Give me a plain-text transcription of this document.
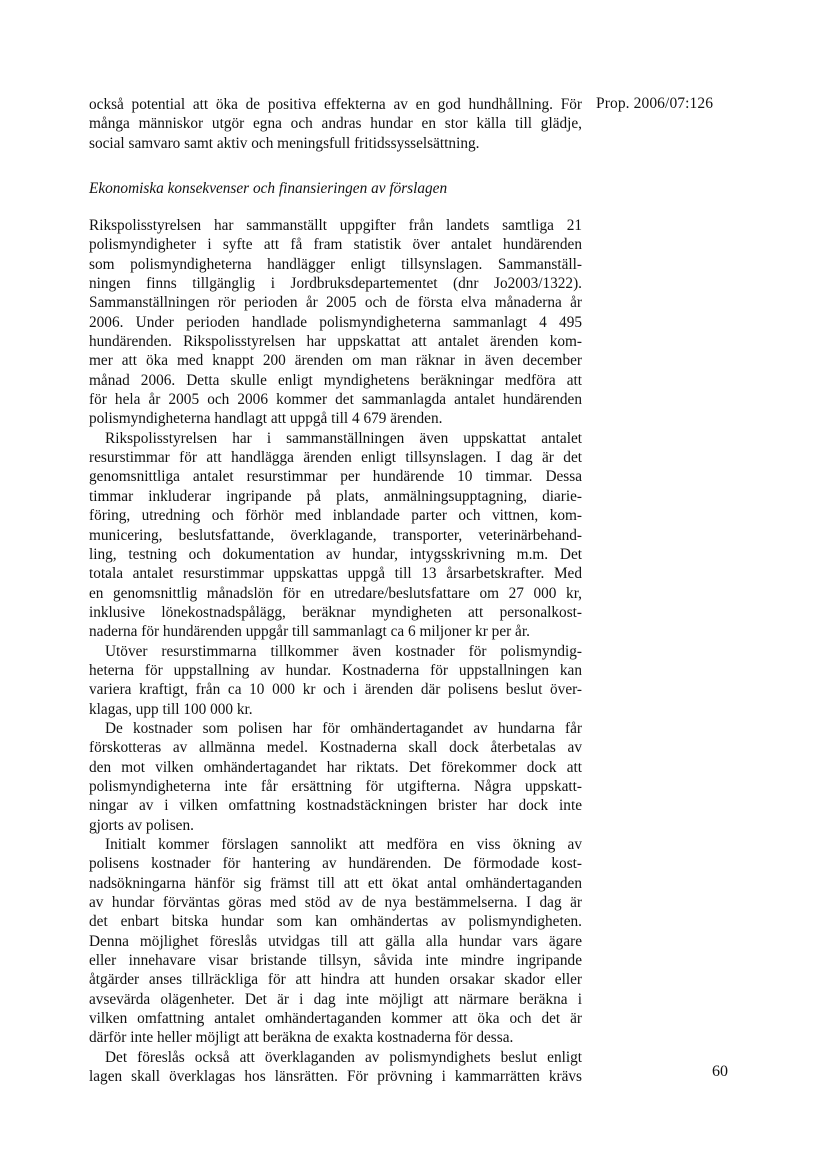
Prop. 2006/07:126
också potential att öka de positiva effekterna av en god hundhållning. För
många människor utgör egna och andras hundar en stor källa till glädje,
social samvaro samt aktiv och meningsfull fritidssysselsättning.
Ekonomiska konsekvenser och finansieringen av förslagen
Rikspolisstyrelsen har sammanställt uppgifter från landets samtliga 21
polismyndigheter i syfte att få fram statistik över antalet hundärenden
som polismyndigheterna handlägger enligt tillsynslagen. Sammanställ-
ningen finns tillgänglig i Jordbruksdepartementet (dnr Jo2003/1322).
Sammanställningen rör perioden år 2005 och de första elva månaderna år
2006. Under perioden handlade polismyndigheterna sammanlagt 4 495
hundärenden. Rikspolisstyrelsen har uppskattat att antalet ärenden kom-
mer att öka med knappt 200 ärenden om man räknar in även december
månad 2006. Detta skulle enligt myndighetens beräkningar medföra att
för hela år 2005 och 2006 kommer det sammanlagda antalet hundärenden
polismyndigheterna handlagt att uppgå till 4 679 ärenden.
Rikspolisstyrelsen har i sammanställningen även uppskattat antalet
resurstimmar för att handlägga ärenden enligt tillsynslagen. I dag är det
genomsnittliga antalet resurstimmar per hundärende 10 timmar. Dessa
timmar inkluderar ingripande på plats, anmälningsupptagning, diarie-
föring, utredning och förhör med inblandade parter och vittnen, kom-
municering, beslutsfattande, överklagande, transporter, veterinärbehand-
ling, testning och dokumentation av hundar, intygsskrivning m.m. Det
totala antalet resurstimmar uppskattas uppgå till 13 årsarbetskrafter. Med
en genomsnittlig månadslön för en utredare/beslutsfattare om 27 000 kr,
inklusive lönekostnadspålägg, beräknar myndigheten att personalkost-
naderna för hundärenden uppgår till sammanlagt ca 6 miljoner kr per år.
Utöver resurstimmarna tillkommer även kostnader för polismyndig-
heterna för uppstallning av hundar. Kostnaderna för uppstallningen kan
variera kraftigt, från ca 10 000 kr och i ärenden där polisens beslut över-
klagas, upp till 100 000 kr.
De kostnader som polisen har för omhändertagandet av hundarna får
förskotteras av allmänna medel. Kostnaderna skall dock återbetalas av
den mot vilken omhändertagandet har riktats. Det förekommer dock att
polismyndigheterna inte får ersättning för utgifterna. Några uppskatt-
ningar av i vilken omfattning kostnadstäckningen brister har dock inte
gjorts av polisen.
Initialt kommer förslagen sannolikt att medföra en viss ökning av
polisens kostnader för hantering av hundärenden. De förmodade kost-
nadsökningarna hänför sig främst till att ett ökat antal omhändertaganden
av hundar förväntas göras med stöd av de nya bestämmelserna. I dag är
det enbart bitska hundar som kan omhändertas av polismyndigheten.
Denna möjlighet föreslås utvidgas till att gälla alla hundar vars ägare
eller innehavare visar bristande tillsyn, såvida inte mindre ingripande
åtgärder anses tillräckliga för att hindra att hunden orsakar skador eller
avsevärda olägenheter. Det är i dag inte möjligt att närmare beräkna i
vilken omfattning antalet omhändertaganden kommer att öka och det är
därför inte heller möjligt att beräkna de exakta kostnaderna för dessa.
Det föreslås också att överklaganden av polismyndighets beslut enligt
lagen skall överklagas hos länsrätten. För prövning i kammarrätten krävs	60
